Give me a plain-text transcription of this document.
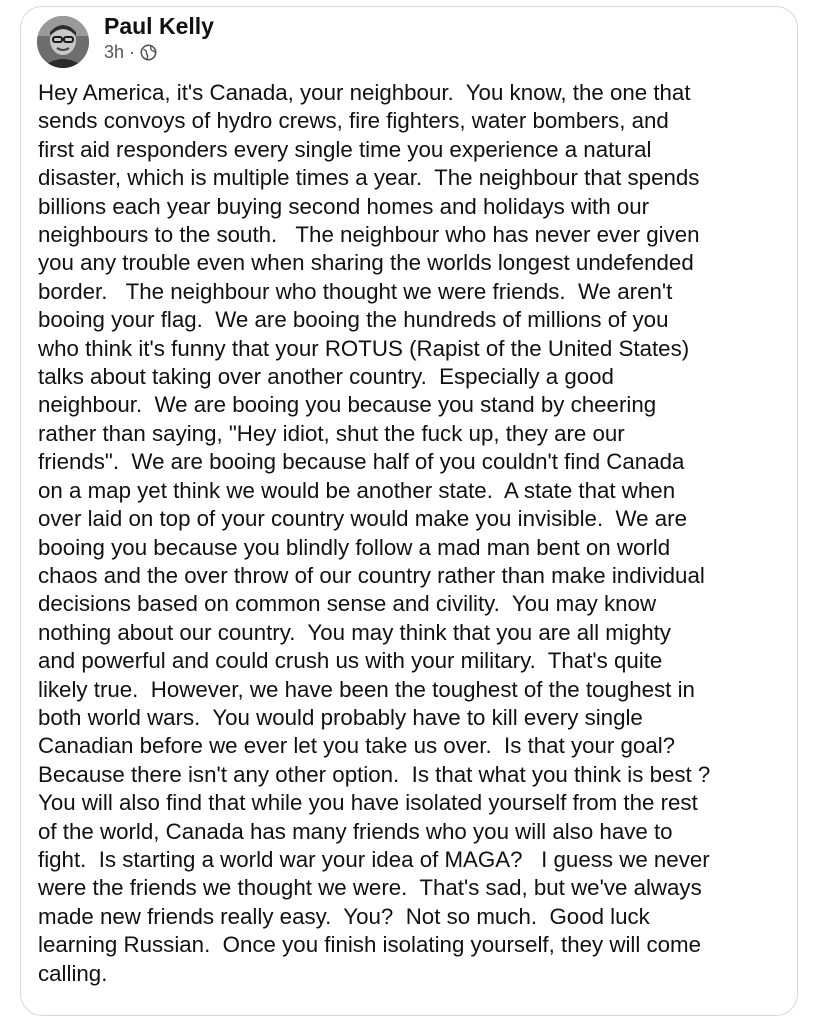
Paul Kelly
3h ·
Hey America, it's Canada, your neighbour.  You know, the one that
sends convoys of hydro crews, fire fighters, water bombers, and
first aid responders every single time you experience a natural
disaster, which is multiple times a year.  The neighbour that spends
billions each year buying second homes and holidays with our
neighbours to the south.   The neighbour who has never ever given
you any trouble even when sharing the worlds longest undefended
border.   The neighbour who thought we were friends.  We aren't
booing your flag.  We are booing the hundreds of millions of you
who think it's funny that your ROTUS (Rapist of the United States)
talks about taking over another country.  Especially a good
neighbour.  We are booing you because you stand by cheering
rather than saying, "Hey idiot, shut the fuck up, they are our
friends".  We are booing because half of you couldn't find Canada
on a map yet think we would be another state.  A state that when
over laid on top of your country would make you invisible.  We are
booing you because you blindly follow a mad man bent on world
chaos and the over throw of our country rather than make individual
decisions based on common sense and civility.  You may know
nothing about our country.  You may think that you are all mighty
and powerful and could crush us with your military.  That's quite
likely true.  However, we have been the toughest of the toughest in
both world wars.  You would probably have to kill every single
Canadian before we ever let you take us over.  Is that your goal?
Because there isn't any other option.  Is that what you think is best ?
You will also find that while you have isolated yourself from the rest
of the world, Canada has many friends who you will also have to
fight.  Is starting a world war your idea of MAGA?   I guess we never
were the friends we thought we were.  That's sad, but we've always
made new friends really easy.  You?  Not so much.  Good luck
learning Russian.  Once you finish isolating yourself, they will come
calling.
